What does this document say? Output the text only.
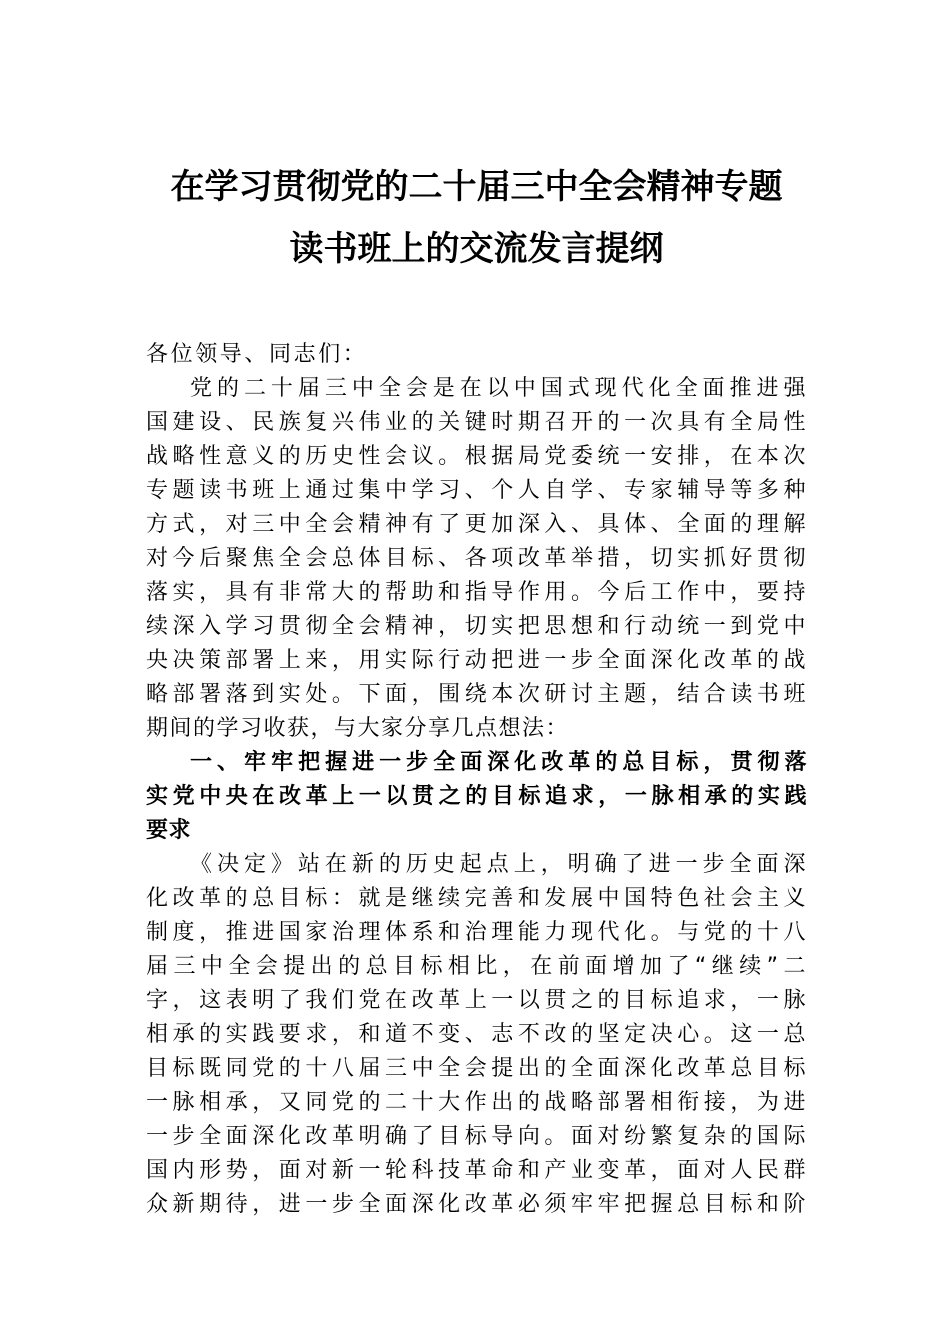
在学习贯彻党的二十届三中全会精神专题
读书班上的交流发言提纲

各位领导、同志们：

党的二十届三中全会是在以中国式现代化全面推进强
国建设、民族复兴伟业的关键时期召开的一次具有全局性
战略性意义的历史性会议。根据局党委统一安排，在本次
专题读书班上通过集中学习、个人自学、专家辅导等多种
方式，对三中全会精神有了更加深入、具体、全面的理解
对今后聚焦全会总体目标、各项改革举措，切实抓好贯彻
落实，具有非常大的帮助和指导作用。今后工作中，要持
续深入学习贯彻全会精神，切实把思想和行动统一到党中
央决策部署上来，用实际行动把进一步全面深化改革的战
略部署落到实处。下面，围绕本次研讨主题，结合读书班
期间的学习收获，与大家分享几点想法：

一、牢牢把握进一步全面深化改革的总目标，贯彻落
实党中央在改革上一以贯之的目标追求，一脉相承的实践
要求

《决定》站在新的历史起点上，明确了进一步全面深
化改革的总目标：就是继续完善和发展中国特色社会主义
制度，推进国家治理体系和治理能力现代化。与党的十八
届三中全会提出的总目标相比，在前面增加了“继续”二
字，这表明了我们党在改革上一以贯之的目标追求，一脉
相承的实践要求，和道不变、志不改的坚定决心。这一总
目标既同党的十八届三中全会提出的全面深化改革总目标
一脉相承，又同党的二十大作出的战略部署相衔接，为进
一步全面深化改革明确了目标导向。面对纷繁复杂的国际
国内形势，面对新一轮科技革命和产业变革，面对人民群
众新期待，进一步全面深化改革必须牢牢把握总目标和阶
